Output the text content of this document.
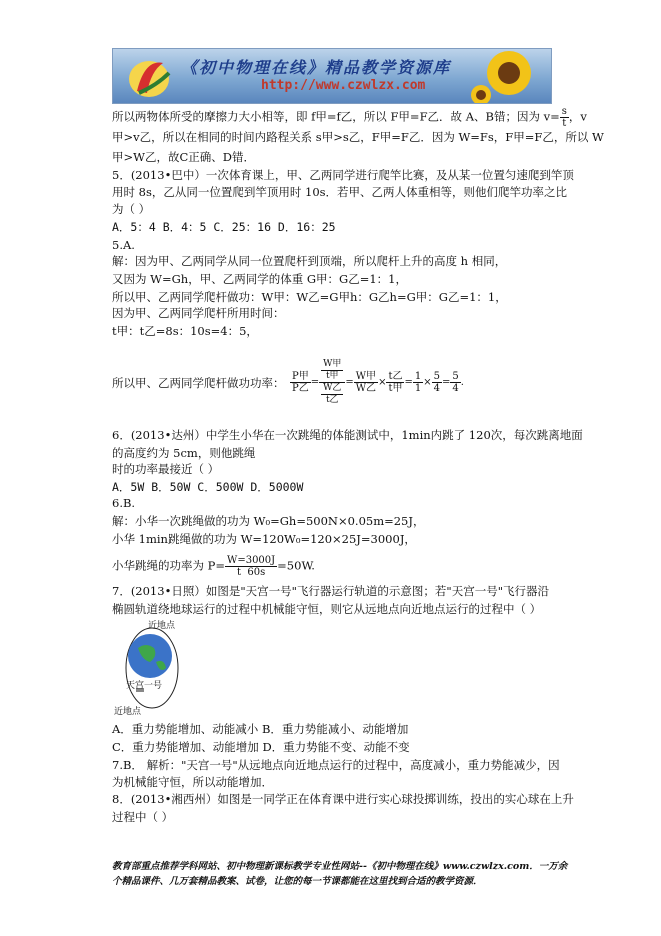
《初中物理在线》精品教学资源库
http://www.czwlzx.com
所以两物体所受的摩擦力大小相等，即 f甲=f乙，所以 F甲=F乙．故 A、B错；因为 $v= \frac{s}{t}$ ，v
甲>v乙，所以在相同的时间内路程关系 s甲>s乙，F甲=F乙．因为 W=Fs，F甲=F乙，所以 W
甲>W乙，故C正确、D错．
5．(2013•巴中）一次体育课上，甲、乙两同学进行爬竿比赛，及从某一位置匀速爬到竿顶
用时 8s，乙从同一位置爬到竿顶用时 10s．若甲、乙两人体重相等，则他们爬竿功率之比
为（ ）
A．5：4 B．4：5 C．25：16 D．16：25
5.A.
解：因为甲、乙两同学从同一位置爬杆到顶端，所以爬杆上升的高度 h 相同，
又因为 W=Gh，甲、乙两同学的体重 G甲：G乙=1：1，
所以甲、乙两同学爬杆做功：W甲：W乙=G甲h：G乙h=G甲：G乙=1：1，
因为甲、乙两同学爬杆所用时间：
t甲：t乙=8s：10s=4：5，
所以甲、乙两同学爬杆做功功率： $\frac{\text{P甲}}{\text{P乙}} = \frac{\frac{\text{W甲}}{\text{t甲}}}{\frac{\text{W乙}}{\text{t乙}}} = \frac{\text{W甲}}{\text{W乙}} \times \frac{\text{t乙}}{\text{t甲}} = \frac{1}{1} \times \frac{5}{4} = \frac{5}{4}$ .
6．(2013•达州）中学生小华在一次跳绳的体能测试中，1min内跳了 120次，每次跳离地面
的高度约为 5cm，则他跳绳
时的功率最接近（ ）
A．5W B．50W C．500W D．5000W
6.B.
解：小华一次跳绳做的功为 W₀=Gh=500N×0.05m=25J，
小华 1min跳绳做的功为 W=120W₀=120×25J=3000J，
小华跳绳的功率为 $P= \frac{W=3000J}{t 60s} =50W$.
7．(2013•日照）如图是"天宫一号"飞行器运行轨道的示意图；若"天宫一号"飞行器沿
椭圆轨道绕地球运行的过程中机械能守恒，则它从远地点向近地点运行的过程中（ ）
近地点
天宫一号
近地点
A．重力势能增加、动能减小 B．重力势能减小、动能增加
C．重力势能增加、动能增加 D．重力势能不变、动能不变
7.B． 解析："天宫一号"从远地点向近地点运行的过程中，高度减小，重力势能减少，因
为机械能守恒，所以动能增加．
8．(2013•湘西州）如图是一同学正在体育课中进行实心球投掷训练，投出的实心球在上升
过程中（ ）
教育部重点推荐学科网站、初中物理新课标教学专业性网站--《初中物理在线》www.czwlzx.com．一万余
个精品课件、几万套精品教案、试卷，让您的每一节课都能在这里找到合适的教学资源．
